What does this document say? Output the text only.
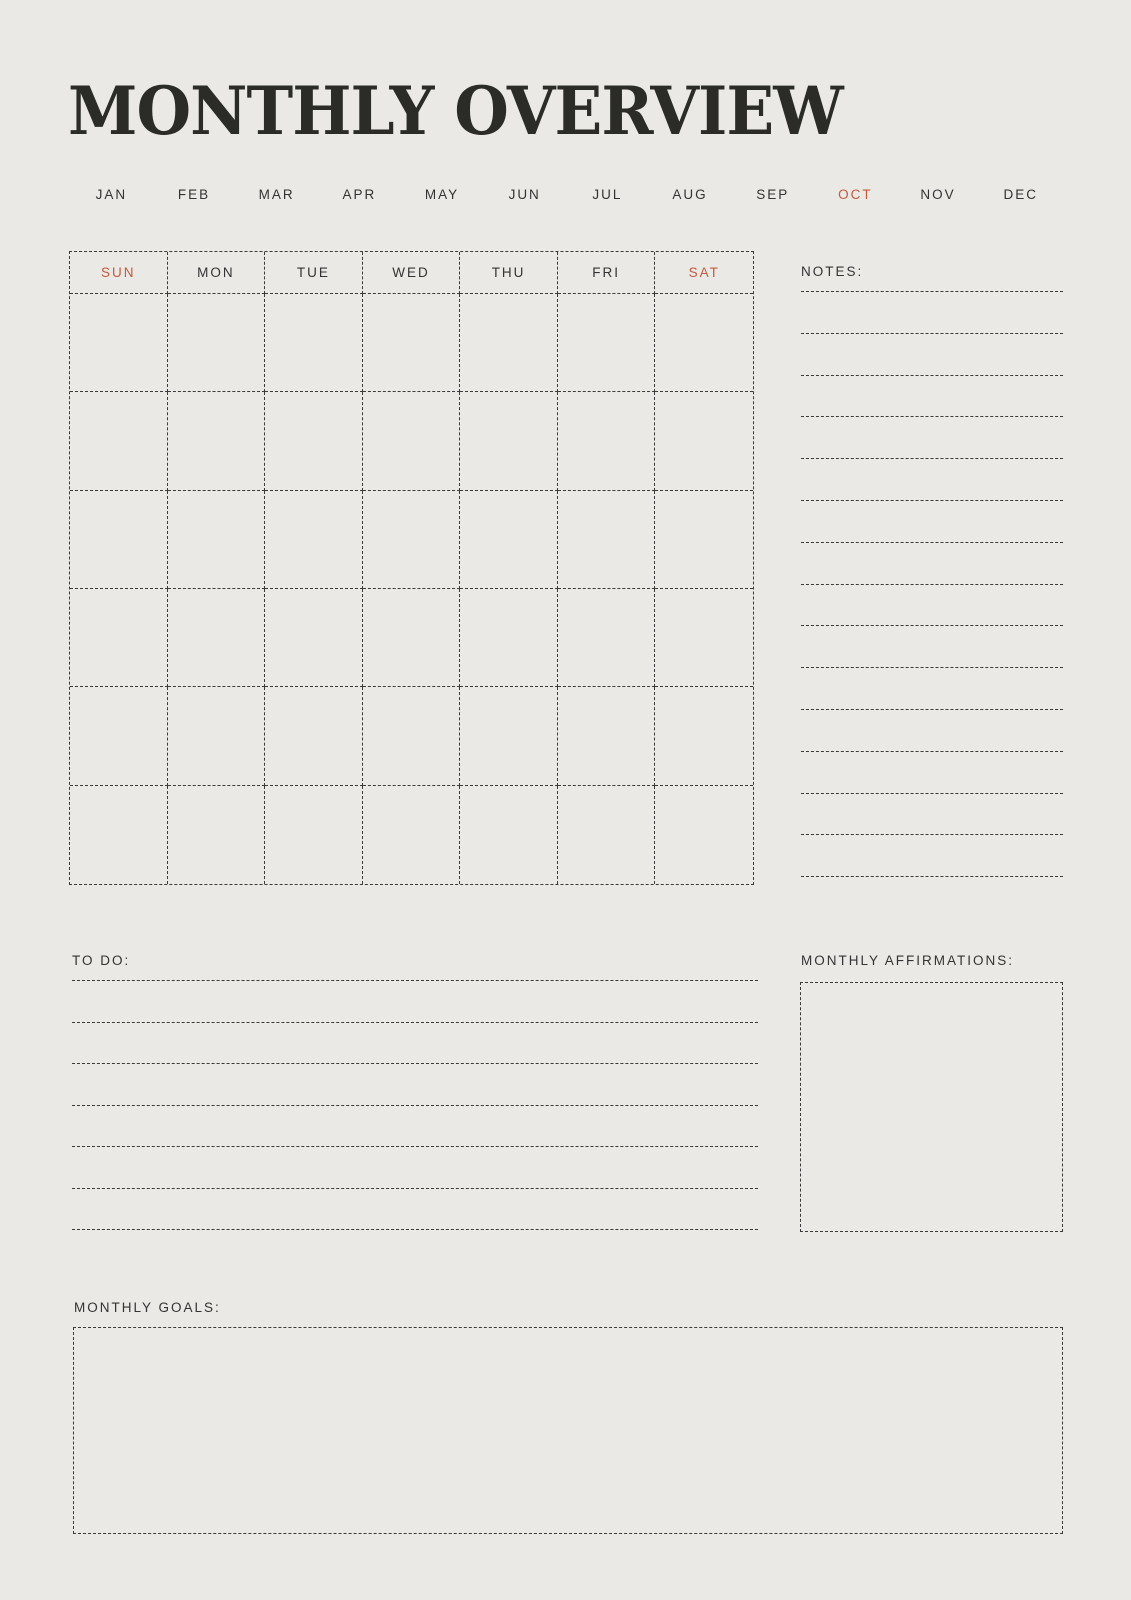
MONTHLY OVERVIEW
JAN	FEB	MAR	APR	MAY	JUN	JUL	AUG	SEP	OCT	NOV	DEC
SUN	MON	TUE	WED	THU	FRI	SAT	NOTES:
TO DO:	MONTHLY AFFIRMATIONS:
MONTHLY GOALS:
